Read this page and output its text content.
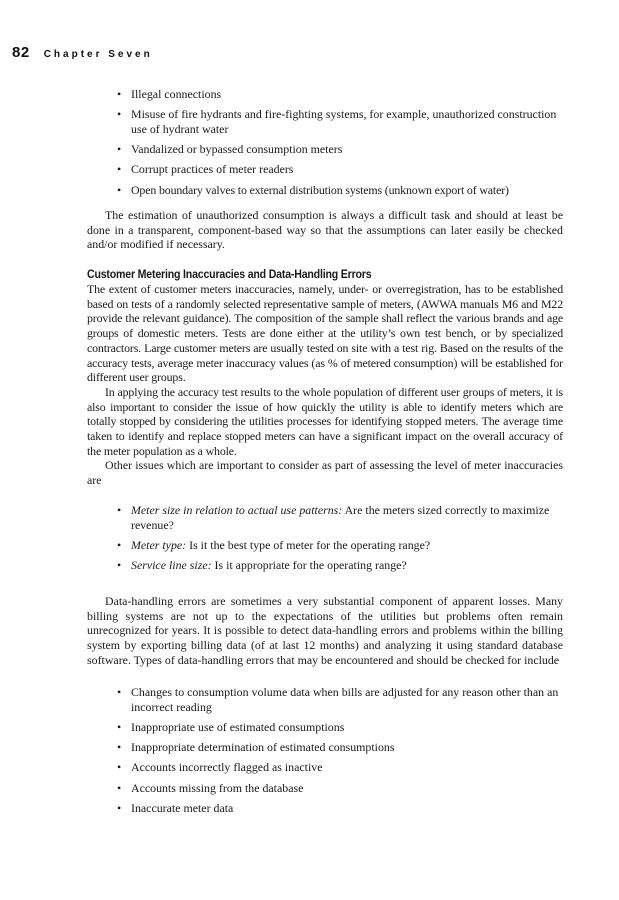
82 Chapter Seven
• Illegal connections
• Misuse of fire hydrants and fire-fighting systems, for example, unauthorized construction use of hydrant water
• Vandalized or bypassed consumption meters
• Corrupt practices of meter readers
• Open boundary valves to external distribution systems (unknown export of water)

The estimation of unauthorized consumption is always a difficult task and should at least be done in a transparent, component-based way so that the assumptions can later easily be checked and/or modified if necessary.

Customer Metering Inaccuracies and Data-Handling Errors

The extent of customer meters inaccuracies, namely, under- or overregistration, has to be established based on tests of a randomly selected representative sample of meters, (AWWA manuals M6 and M22 provide the relevant guidance). The composition of the sample shall reflect the various brands and age groups of domestic meters. Tests are done either at the utility’s own test bench, or by specialized contractors. Large customer meters are usually tested on site with a test rig. Based on the results of the accuracy tests, average meter inaccuracy values (as % of metered consumption) will be established for different user groups.

In applying the accuracy test results to the whole population of different user groups of meters, it is also important to consider the issue of how quickly the utility is able to identify meters which are totally stopped by considering the utilities processes for identifying stopped meters. The average time taken to identify and replace stopped meters can have a significant impact on the overall accuracy of the meter population as a whole.

Other issues which are important to consider as part of assessing the level of meter inaccuracies are

• Meter size in relation to actual use patterns: Are the meters sized correctly to maximize revenue?
• Meter type: Is it the best type of meter for the operating range?
• Service line size: Is it appropriate for the operating range?

Data-handling errors are sometimes a very substantial component of apparent losses. Many billing systems are not up to the expectations of the utilities but problems often remain unrecognized for years. It is possible to detect data-handling errors and problems within the billing system by exporting billing data (of at last 12 months) and analyzing it using standard database software. Types of data-handling errors that may be encountered and should be checked for include

• Changes to consumption volume data when bills are adjusted for any reason other than an incorrect reading
• Inappropriate use of estimated consumptions
• Inappropriate determination of estimated consumptions
• Accounts incorrectly flagged as inactive
• Accounts missing from the database
• Inaccurate meter data
